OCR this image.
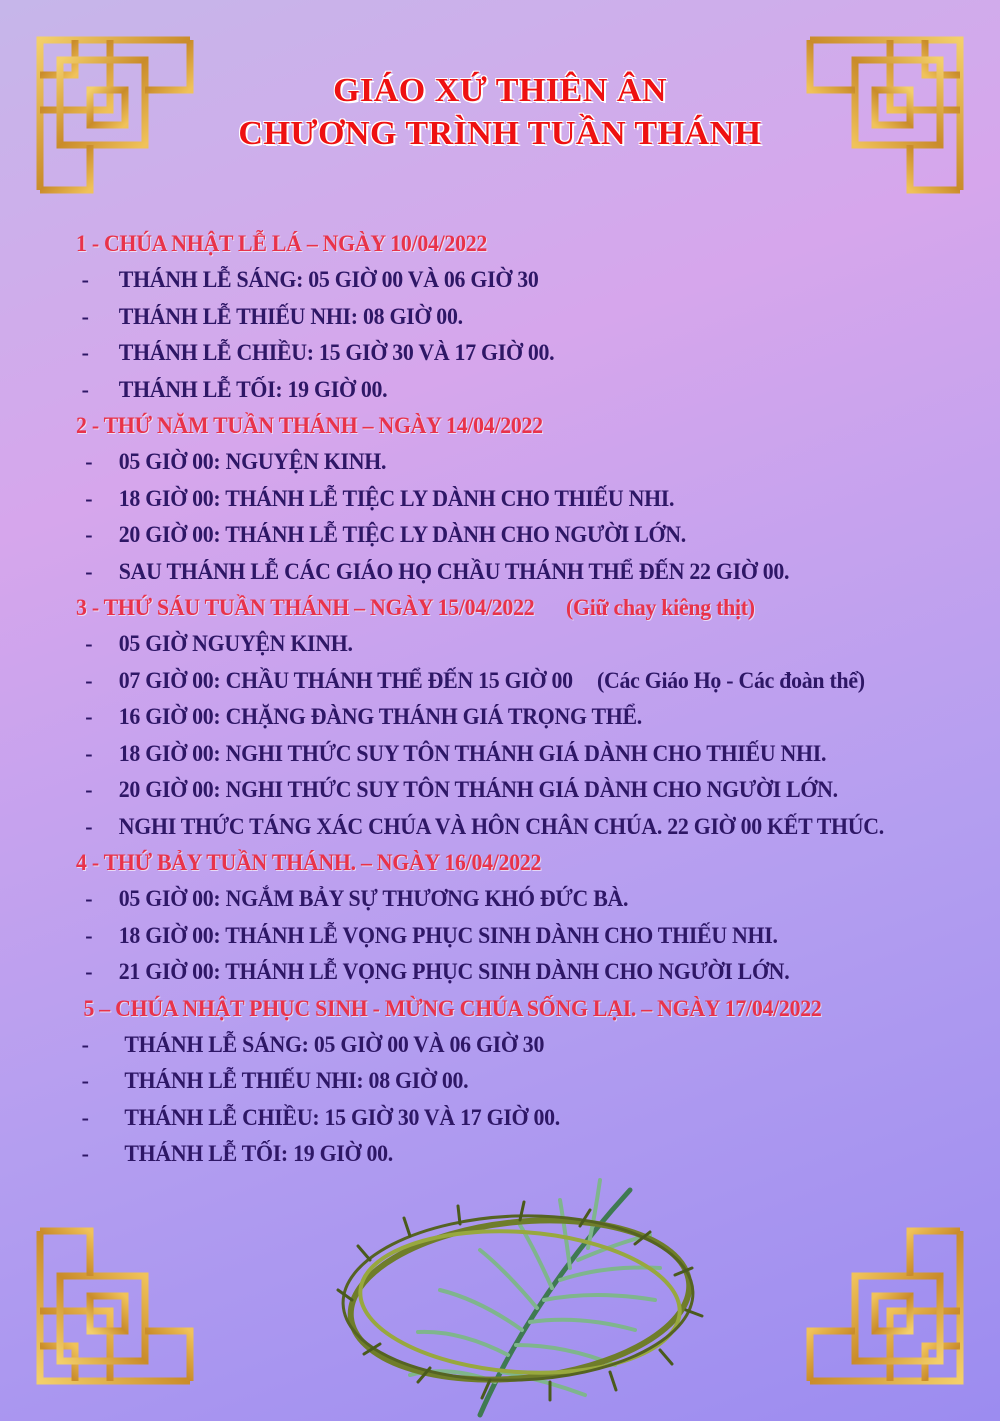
GIÁO XỨ THIÊN ÂN
CHƯƠNG TRÌNH TUẦN THÁNH
1 - CHÚA NHẬT LỄ LÁ – NGÀY 10/04/2022
- THÁNH LỄ SÁNG: 05 GIỜ 00 VÀ 06 GIỜ 30
- THÁNH LỄ THIẾU NHI: 08 GIỜ 00.
- THÁNH LỄ CHIỀU: 15 GIỜ 30 VÀ 17 GIỜ 00.
- THÁNH LỄ TỐI: 19 GIỜ 00.
2 - THỨ NĂM TUẦN THÁNH – NGÀY 14/04/2022
- 05 GIỜ 00: NGUYỆN KINH.
- 18 GIỜ 00: THÁNH LỄ TIỆC LY DÀNH CHO THIẾU NHI.
- 20 GIỜ 00: THÁNH LỄ TIỆC LY DÀNH CHO NGƯỜI LỚN.
- SAU THÁNH LỄ CÁC GIÁO HỌ CHẦU THÁNH THỂ ĐẾN 22 GIỜ 00.
3 - THỨ SÁU TUẦN THÁNH – NGÀY 15/04/2022 (Giữ chay kiêng thịt)
- 05 GIỜ NGUYỆN KINH.
- 07 GIỜ 00: CHẦU THÁNH THỂ ĐẾN 15 GIỜ 00 (Các Giáo Họ - Các đoàn thể)
- 16 GIỜ 00: CHẶNG ĐÀNG THÁNH GIÁ TRỌNG THỂ.
- 18 GIỜ 00: NGHI THỨC SUY TÔN THÁNH GIÁ DÀNH CHO THIẾU NHI.
- 20 GIỜ 00: NGHI THỨC SUY TÔN THÁNH GIÁ DÀNH CHO NGƯỜI LỚN.
- NGHI THỨC TÁNG XÁC CHÚA VÀ HÔN CHÂN CHÚA. 22 GIỜ 00 KẾT THÚC.
4 - THỨ BẢY TUẦN THÁNH. – NGÀY 16/04/2022
- 05 GIỜ 00: NGẮM BẢY SỰ THƯƠNG KHÓ ĐỨC BÀ.
- 18 GIỜ 00: THÁNH LỄ VỌNG PHỤC SINH DÀNH CHO THIẾU NHI.
- 21 GIỜ 00: THÁNH LỄ VỌNG PHỤC SINH DÀNH CHO NGƯỜI LỚN.
5 – CHÚA NHẬT PHỤC SINH - MỪNG CHÚA SỐNG LẠI. – NGÀY 17/04/2022
- THÁNH LỄ SÁNG: 05 GIỜ 00 VÀ 06 GIỜ 30
- THÁNH LỄ THIẾU NHI: 08 GIỜ 00.
- THÁNH LỄ CHIỀU: 15 GIỜ 30 VÀ 17 GIỜ 00.
- THÁNH LỄ TỐI: 19 GIỜ 00.
